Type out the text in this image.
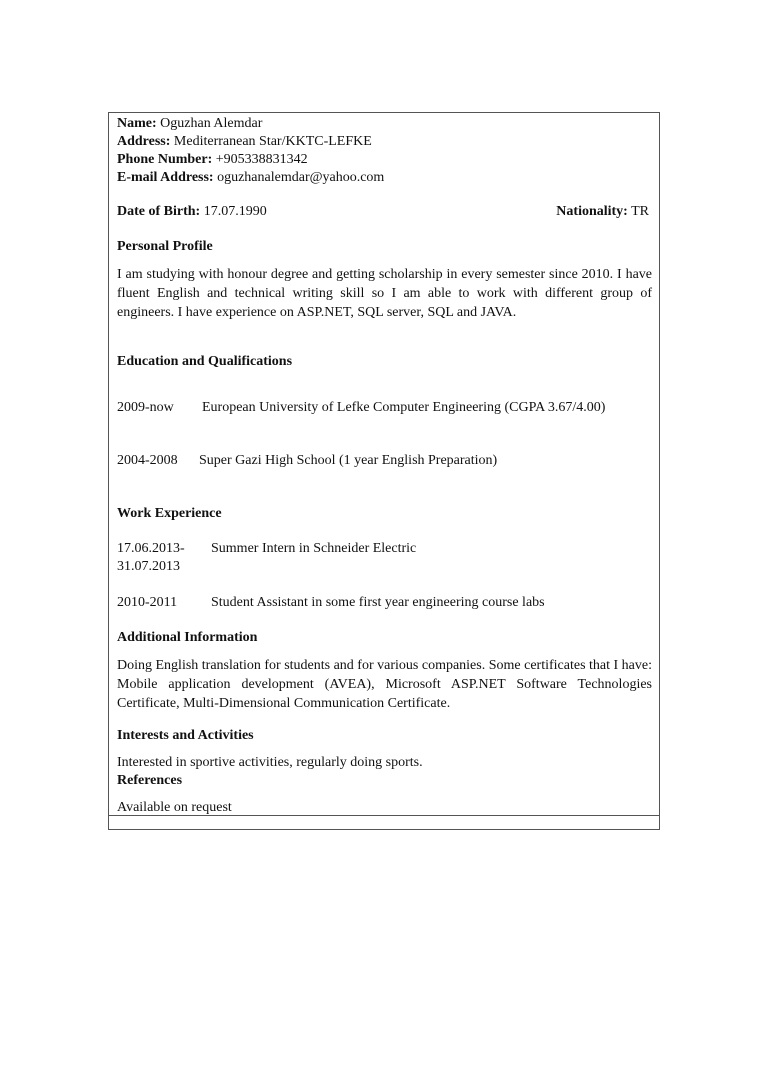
Name: Oguzhan Alemdar
Address: Mediterranean Star/KKTC-LEFKE
Phone Number: +905338831342
E-mail Address: oguzhanalemdar@yahoo.com
Date of Birth: 17.07.1990	Nationality: TR
Personal Profile
I am studying with honour degree and getting scholarship in every semester since 2010. I have fluent English and technical writing skill so I am able to work with different group of engineers. I have experience on ASP.NET, SQL server, SQL and JAVA.
Education and Qualifications
2009-now	European University of Lefke Computer Engineering (CGPA 3.67/4.00)
2004-2008	Super Gazi High School (1 year English Preparation)
Work Experience
17.06.2013-	Summer Intern in Schneider Electric
31.07.2013
2010-2011	Student Assistant in some first year engineering course labs
Additional Information
Doing English translation for students and for various companies. Some certificates that I have: Mobile application development (AVEA), Microsoft ASP.NET Software Technologies Certificate, Multi-Dimensional Communication Certificate.
Interests and Activities
Interested in sportive activities, regularly doing sports.
References
Available on request
